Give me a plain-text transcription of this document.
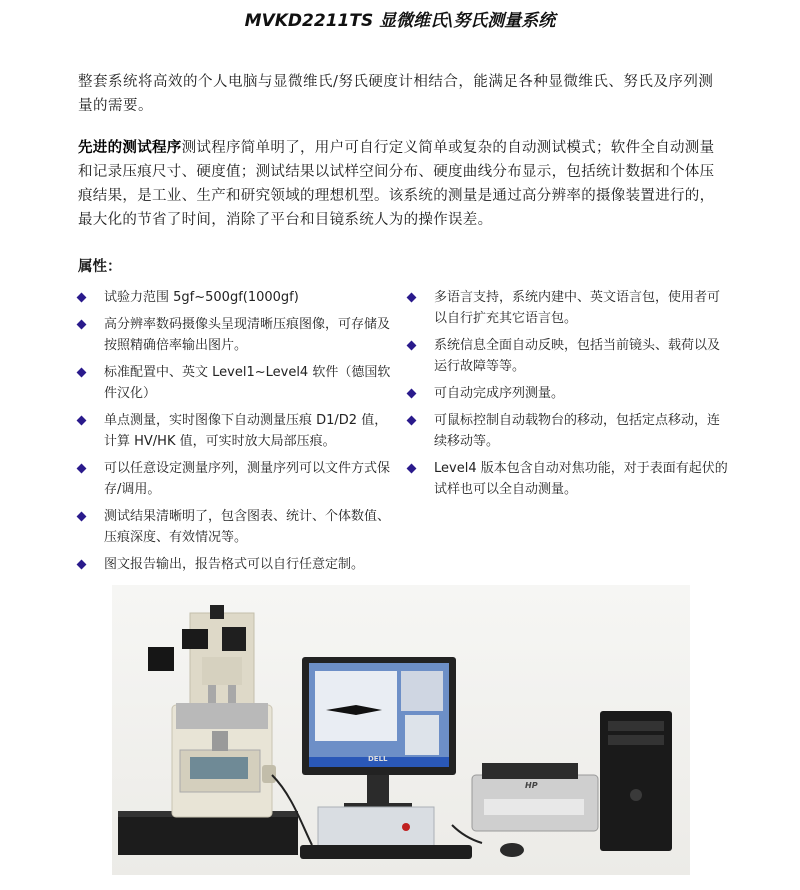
MVKD2211TS 显微维氏\努氏测量系统

整套系统将高效的个人电脑与显微维氏/努氏硬度计相结合，能满足各种显微维氏、努氏及序列测量的需要。

先进的测试程序测试程序简单明了，用户可自行定义简单或复杂的自动测试模式；软件全自动测量和记录压痕尺寸、硬度值；测试结果以试样空间分布、硬度曲线分布显示，包括统计数据和个体压痕结果，是工业、生产和研究领域的理想机型。该系统的测量是通过高分辨率的摄像装置进行的，最大化的节省了时间，消除了平台和目镜系统人为的操作误差。

属性：
试验力范围 5gf~500gf(1000gf)
高分辨率数码摄像头呈现清晰压痕图像，可存储及按照精确倍率输出图片。
标准配置中、英文 Level1~Level4 软件（德国软件汉化）
单点测量，实时图像下自动测量压痕 D1/D2 值，计算 HV/HK 值，可实时放大局部压痕。
可以任意设定测量序列，测量序列可以文件方式保存/调用。
测试结果清晰明了，包含图表、统计、个体数值、压痕深度、有效情况等。
图文报告输出，报告格式可以自行任意定制。
多语言支持，系统内建中、英文语言包，使用者可以自行扩充其它语言包。
系统信息全面自动反映，包括当前镜头、载荷以及运行故障等等。
可自动完成序列测量。
可鼠标控制自动载物台的移动，包括定点移动，连续移动等。
Level4 版本包含自动对焦功能，对于表面有起伏的试样也可以全自动测量。
DELL
HP
